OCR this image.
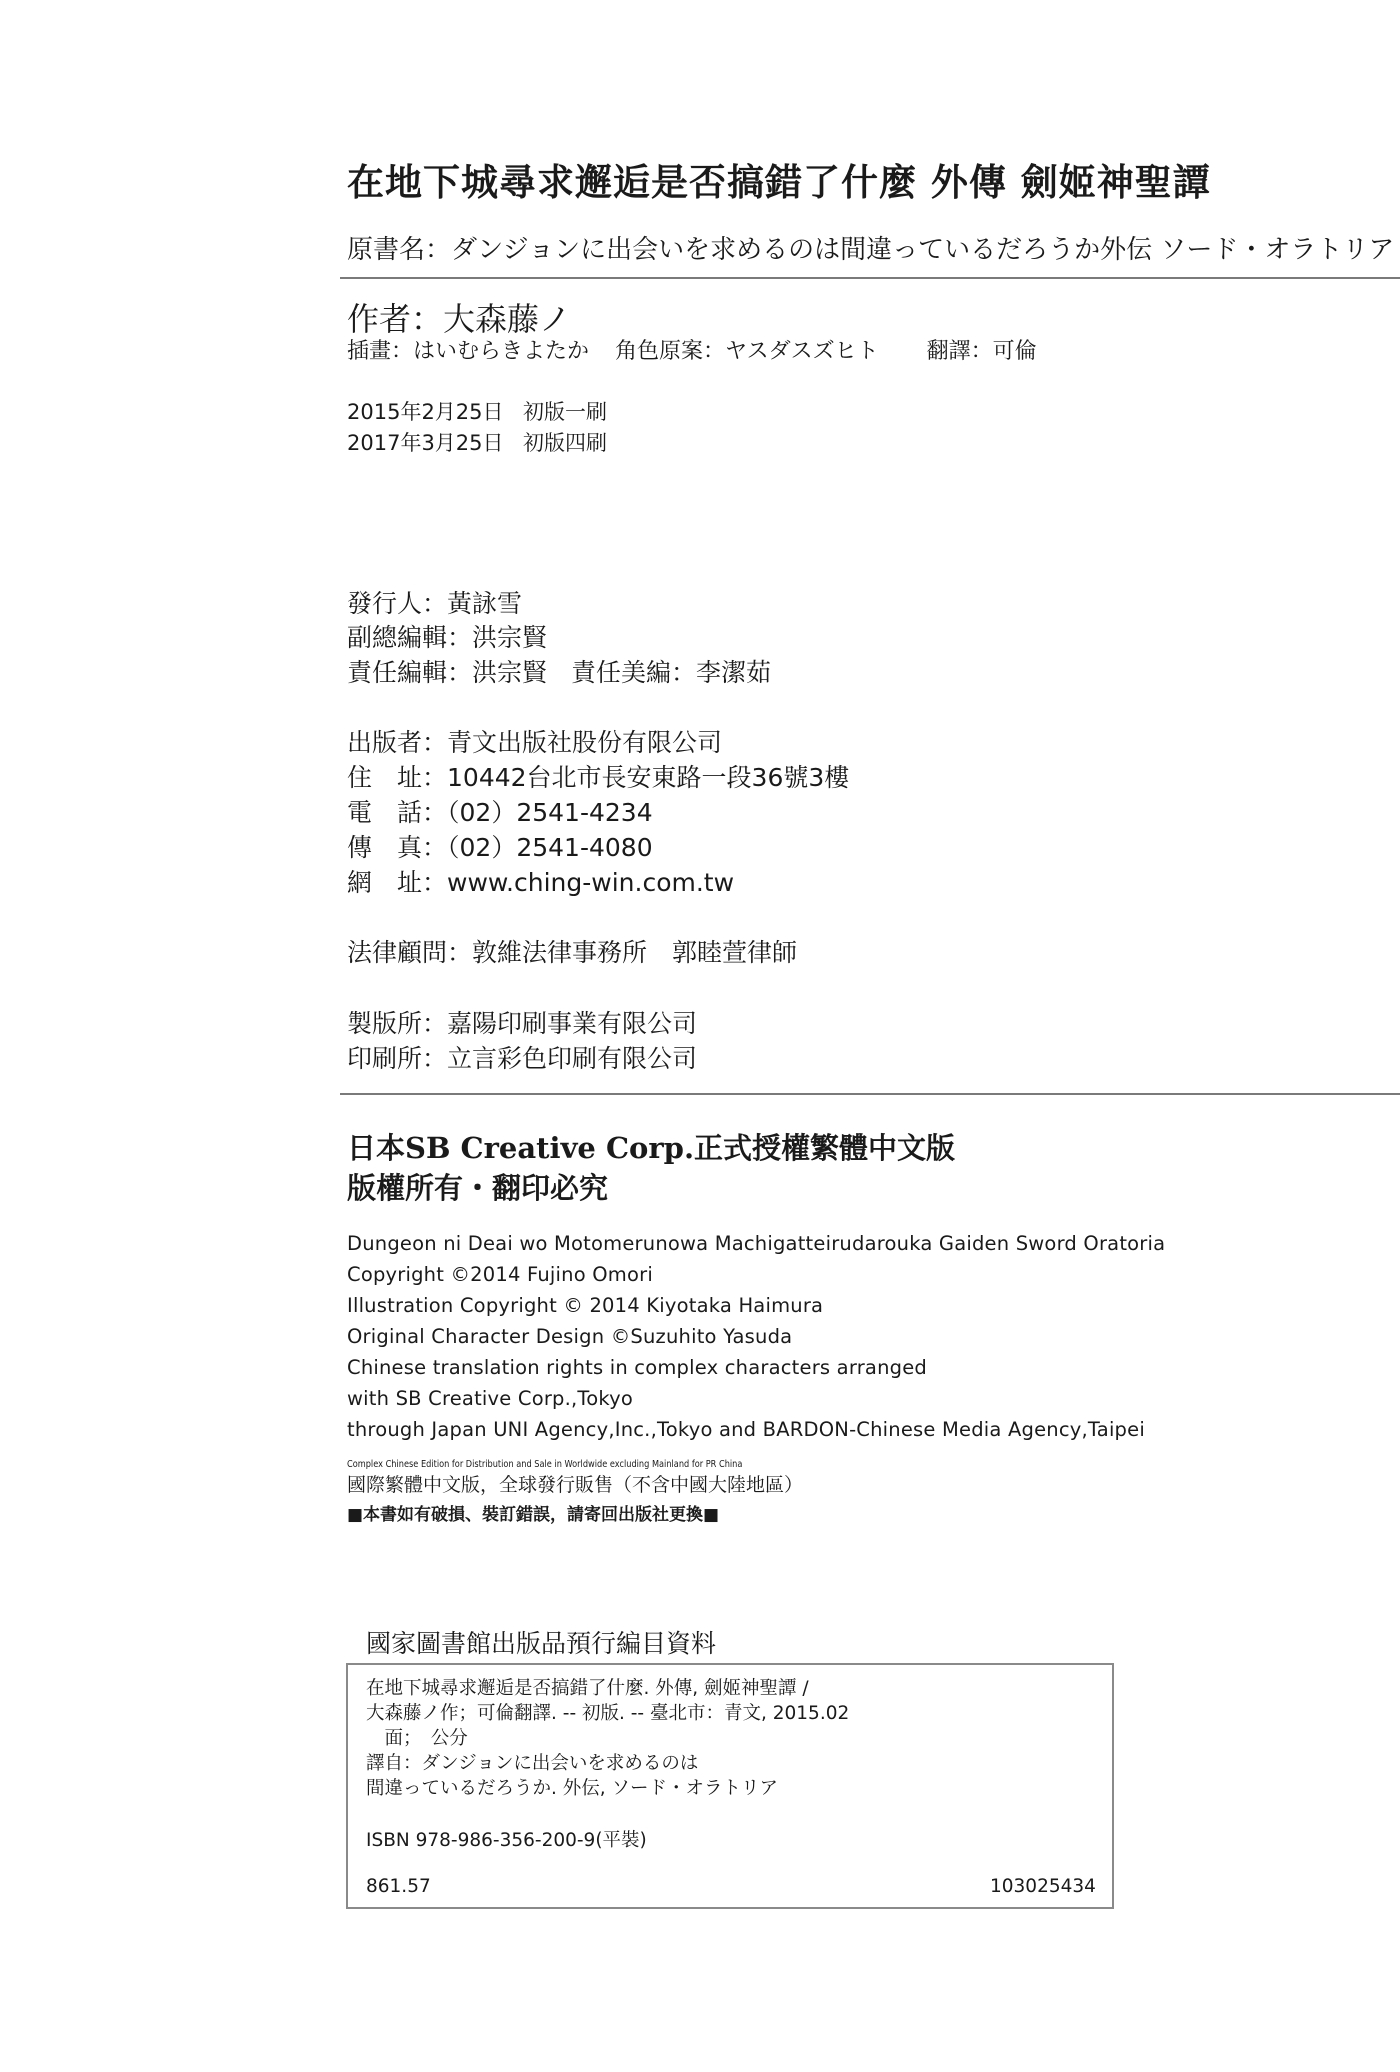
在地下城尋求邂逅是否搞錯了什麼 外傳 劍姬神聖譚
原書名：ダンジョンに出会いを求めるのは間違っているだろうか外伝 ソード・オラトリア
作者：大森藤ノ
插畫：はいむらきよたか 角色原案：ヤスダスズヒト 翻譯：可倫
2015年2月25日 初版一刷
2017年3月25日 初版四刷
發行人：黃詠雪
副總編輯：洪宗賢
責任編輯：洪宗賢 責任美編：李潔茹
出版者：青文出版社股份有限公司
住　址：10442台北市長安東路一段36號3樓
電　話：（02）2541-4234
傳　真：（02）2541-4080
網　址：www.ching-win.com.tw
法律顧問：敦維法律事務所　郭睦萱律師
製版所：嘉陽印刷事業有限公司
印刷所：立言彩色印刷有限公司
日本SB Creative Corp.正式授權繁體中文版
版權所有・翻印必究
Dungeon ni Deai wo Motomerunowa Machigatteirudarouka Gaiden Sword Oratoria
Copyright ©2014 Fujino Omori
Illustration Copyright © 2014 Kiyotaka Haimura
Original Character Design ©Suzuhito Yasuda
Chinese translation rights in complex characters arranged
with SB Creative Corp.,Tokyo
through Japan UNI Agency,Inc.,Tokyo and BARDON-Chinese Media Agency,Taipei
Complex Chinese Edition for Distribution and Sale in Worldwide excluding Mainland for PR China
國際繁體中文版，全球發行販售（不含中國大陸地區）
■本書如有破損、裝訂錯誤，請寄回出版社更換■
國家圖書館出版品預行編目資料
在地下城尋求邂逅是否搞錯了什麼. 外傳, 劍姬神聖譚 /
大森藤ノ作；可倫翻譯. -- 初版. -- 臺北市：青文, 2015.02
　面；　公分
譯自：ダンジョンに出会いを求めるのは
間違っているだろうか. 外伝, ソード・オラトリア
ISBN 978-986-356-200-9(平裝)
861.57	103025434
